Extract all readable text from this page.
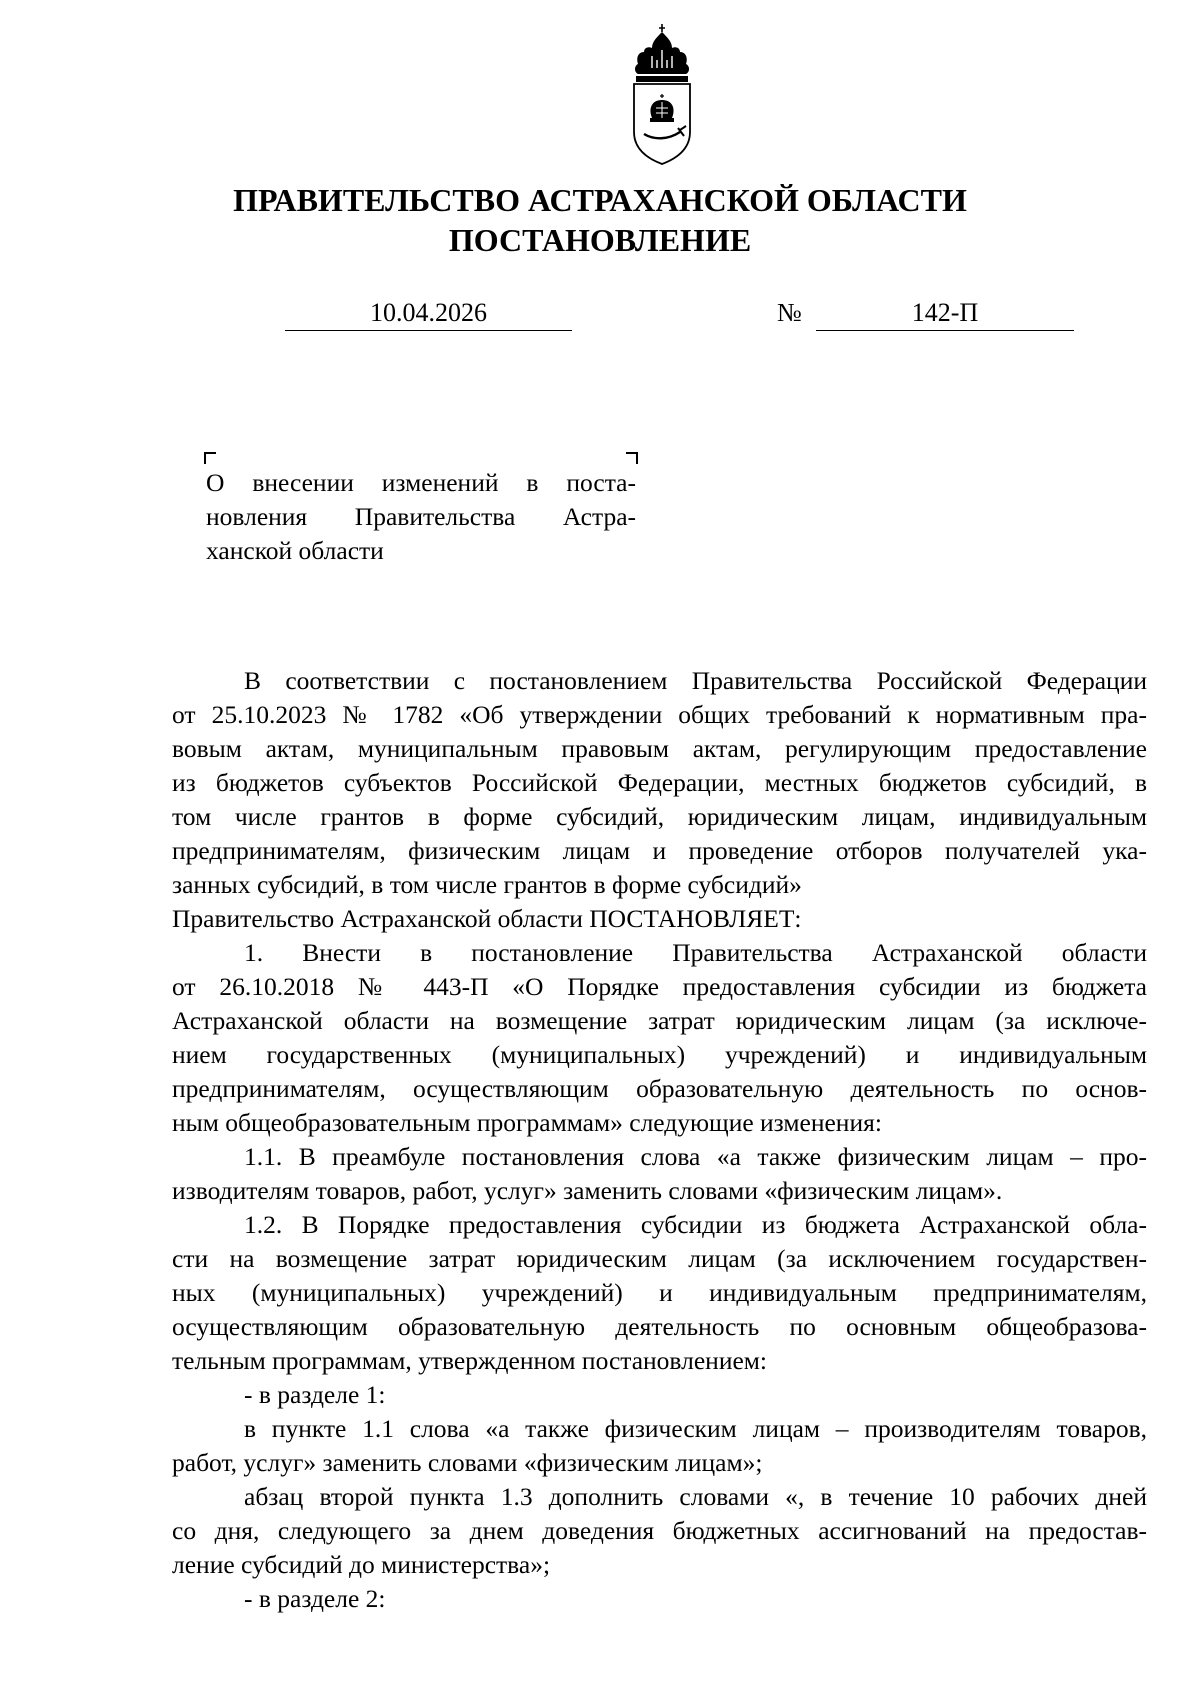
ПРАВИТЕЛЬСТВО АСТРАХАНСКОЙ ОБЛАСТИ
ПОСТАНОВЛЕНИЕ
10.04.2026	№	142-П
О внесении изменений в поста-
новления Правительства Астра-
ханской области
В соответствии с постановлением Правительства Российской Федерации
от 25.10.2023 № 1782 «Об утверждении общих требований к нормативным пра-
вовым актам, муниципальным правовым актам, регулирующим предоставление
из бюджетов субъектов Российской Федерации, местных бюджетов субсидий, в
том числе грантов в форме субсидий, юридическим лицам, индивидуальным
предпринимателям, физическим лицам и проведение отборов получателей ука-
занных субсидий, в том числе грантов в форме субсидий»
Правительство Астраханской области ПОСТАНОВЛЯЕТ:
1. Внести в постановление Правительства Астраханской области
от 26.10.2018 № 443-П «О Порядке предоставления субсидии из бюджета
Астраханской области на возмещение затрат юридическим лицам (за исключе-
нием государственных (муниципальных) учреждений) и индивидуальным
предпринимателям, осуществляющим образовательную деятельность по основ-
ным общеобразовательным программам» следующие изменения:
1.1. В преамбуле постановления слова «а также физическим лицам – про-
изводителям товаров, работ, услуг» заменить словами «физическим лицам».
1.2. В Порядке предоставления субсидии из бюджета Астраханской обла-
сти на возмещение затрат юридическим лицам (за исключением государствен-
ных (муниципальных) учреждений) и индивидуальным предпринимателям,
осуществляющим образовательную деятельность по основным общеобразова-
тельным программам, утвержденном постановлением:
- в разделе 1:
в пункте 1.1 слова «а также физическим лицам – производителям товаров,
работ, услуг» заменить словами «физическим лицам»;
абзац второй пункта 1.3 дополнить словами «, в течение 10 рабочих дней
со дня, следующего за днем доведения бюджетных ассигнований на предостав-
ление субсидий до министерства»;
- в разделе 2:
